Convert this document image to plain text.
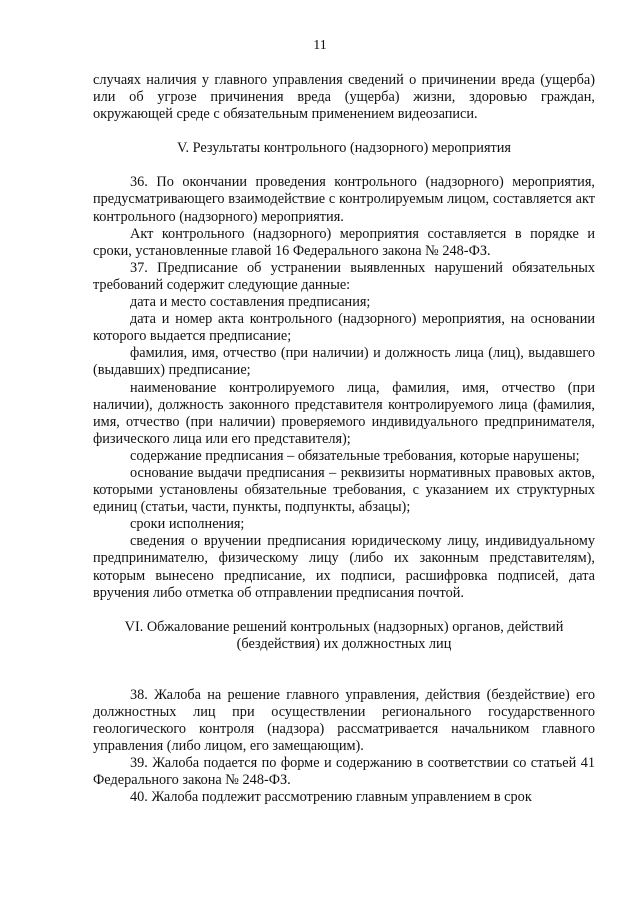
11

случаях наличия у главного управления сведений о причинении вреда (ущерба) или об угрозе причинения вреда (ущерба) жизни, здоровью граждан, окружающей среде с обязательным применением видеозаписи.

V. Результаты контрольного (надзорного) мероприятия

36. По окончании проведения контрольного (надзорного) мероприятия, предусматривающего взаимодействие с контролируемым лицом, составляется акт контрольного (надзорного) мероприятия.

Акт контрольного (надзорного) мероприятия составляется в порядке и сроки, установленные главой 16 Федерального закона № 248-ФЗ.

37. Предписание об устранении выявленных нарушений обязательных требований содержит следующие данные:

дата и место составления предписания;

дата и номер акта контрольного (надзорного) мероприятия, на основании которого выдается предписание;

фамилия, имя, отчество (при наличии) и должность лица (лиц), выдавшего (выдавших) предписание;

наименование контролируемого лица, фамилия, имя, отчество (при наличии), должность законного представителя контролируемого лица (фамилия, имя, отчество (при наличии) проверяемого индивидуального предпринимателя, физического лица или его представителя);

содержание предписания – обязательные требования, которые нарушены;

основание выдачи предписания – реквизиты нормативных правовых актов, которыми установлены обязательные требования, с указанием их структурных единиц (статьи, части, пункты, подпункты, абзацы);

сроки исполнения;

сведения о вручении предписания юридическому лицу, индивидуальному предпринимателю, физическому лицу (либо их законным представителям), которым вынесено предписание, их подписи, расшифровка подписей, дата вручения либо отметка об отправлении предписания почтой.

VI. Обжалование решений контрольных (надзорных) органов, действий
(бездействия) их должностных лиц

38. Жалоба на решение главного управления, действия (бездействие) его должностных лиц при осуществлении регионального государственного геологического контроля (надзора) рассматривается начальником главного управления (либо лицом, его замещающим).

39. Жалоба подается по форме и содержанию в соответствии со статьей 41 Федерального закона № 248-ФЗ.

40. Жалоба подлежит рассмотрению главным управлением в срок
